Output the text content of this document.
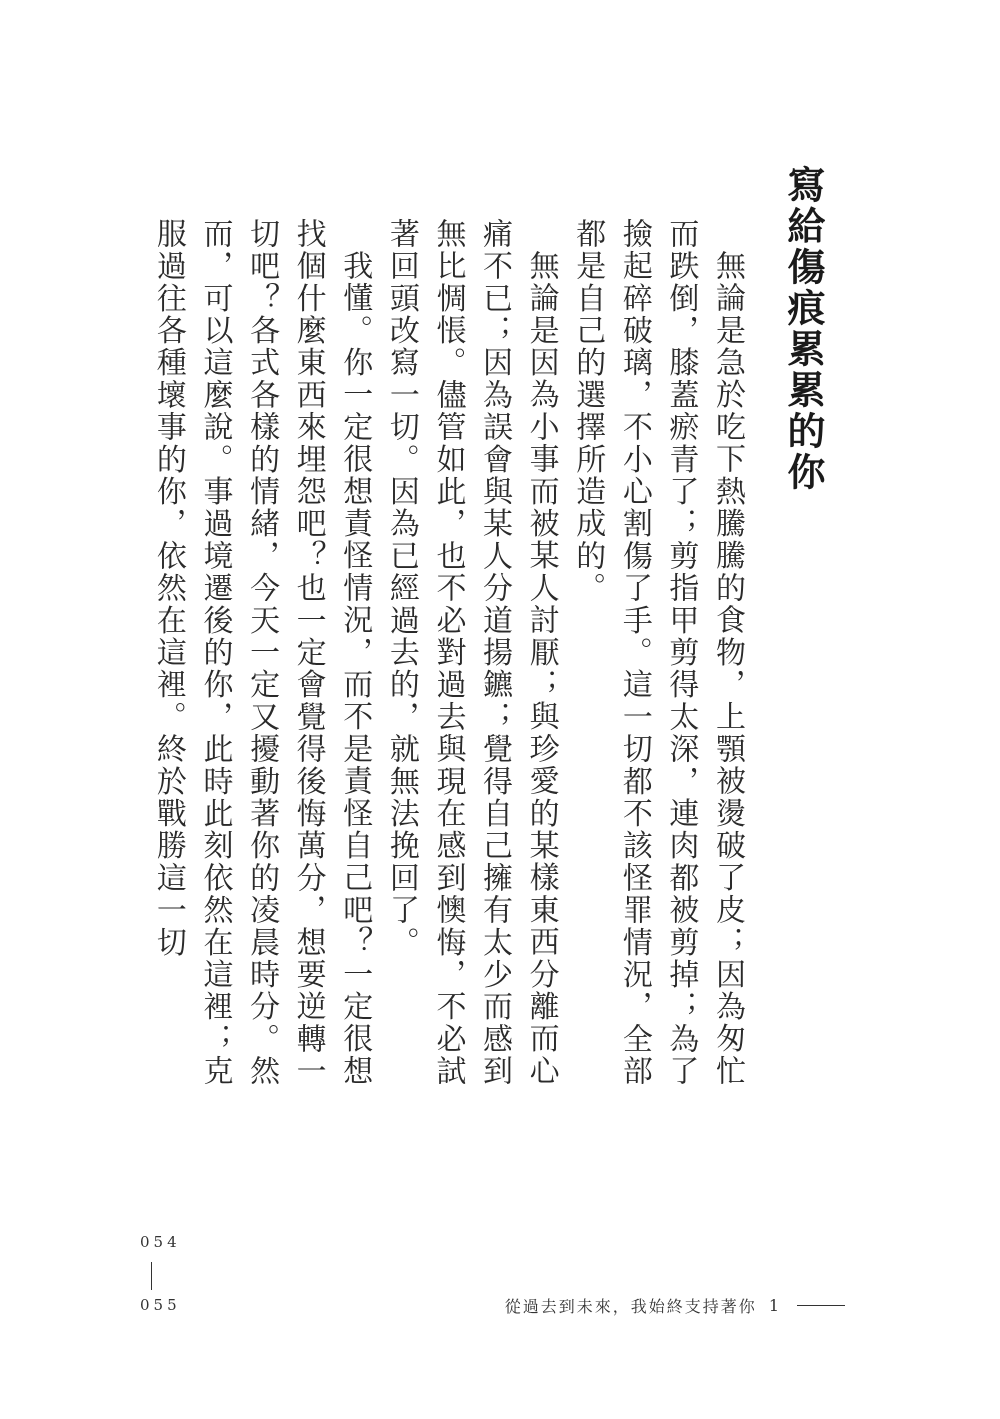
寫給傷痕累累的你

無論是急於吃下熱騰騰的食物，上顎被燙破了皮；因為匆忙而跌倒，膝蓋瘀青了；剪指甲剪得太深，連肉都被剪掉；為了撿起碎破璃，不小心割傷了手。這一切都不該怪罪情況，全部都是自己的選擇所造成的。

無論是因為小事而被某人討厭；與珍愛的某樣東西分離而心痛不已；因為誤會與某人分道揚鑣；覺得自己擁有太少而感到無比惆悵。儘管如此，也不必對過去與現在感到懊悔，不必試著回頭改寫一切。因為已經過去的，就無法挽回了。

我懂。你一定很想責怪情況，而不是責怪自己吧？一定很想找個什麼東西來埋怨吧？也一定會覺得後悔萬分，想要逆轉一切吧？各式各樣的情緒，今天一定又擾動著你的凌晨時分。然而，可以這麼說。事過境遷後的你，此時此刻依然在這裡；克服過往各種壞事的你，依然在這裡。終於戰勝這一切

054
055	從過去到未來，我始終支持著你 1
